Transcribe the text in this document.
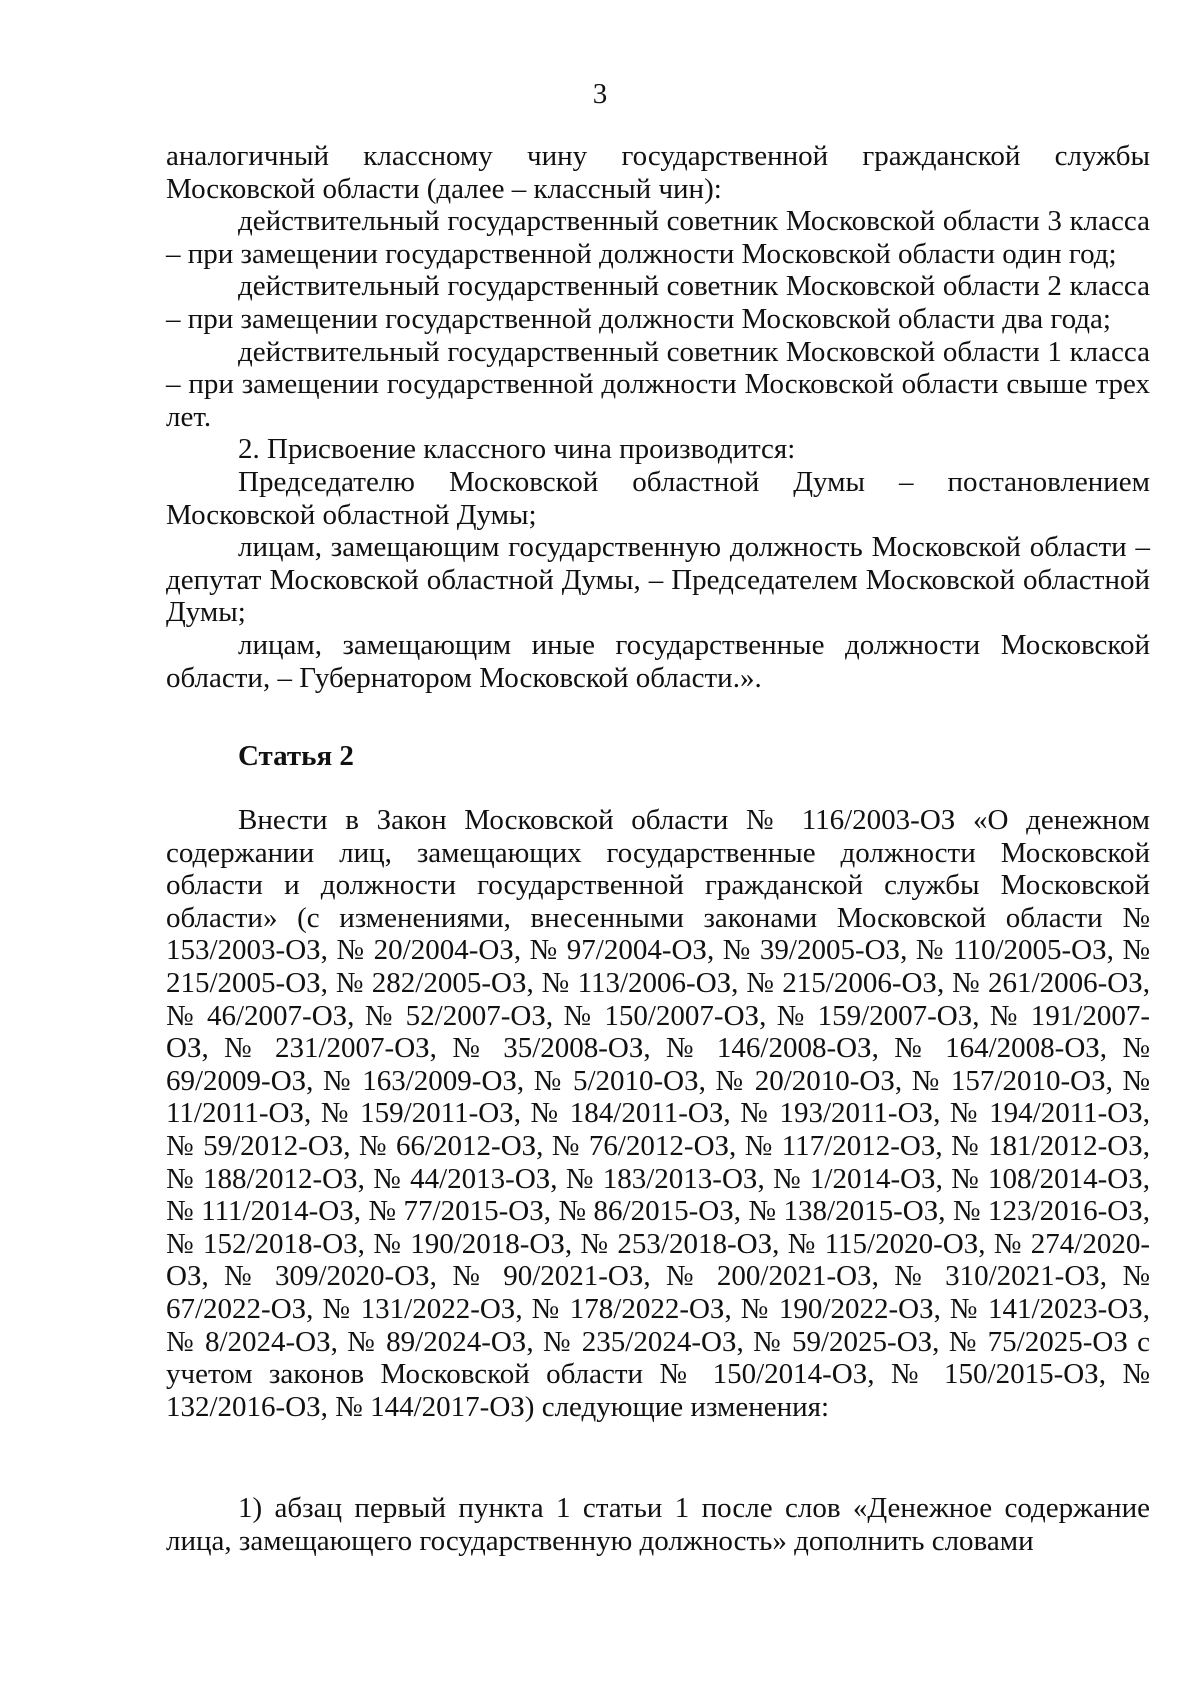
3

аналогичный классному чину государственной гражданской службы Московской области (далее – классный чин):

действительный государственный советник Московской области 3 класса – при замещении государственной должности Московской области один год;

действительный государственный советник Московской области 2 класса – при замещении государственной должности Московской области два года;

действительный государственный советник Московской области 1 класса – при замещении государственной должности Московской области свыше трех лет.

2. Присвоение классного чина производится:

Председателю Московской областной Думы – постановлением Московской областной Думы;

лицам, замещающим государственную должность Московской области – депутат Московской областной Думы, – Председателем Московской областной Думы;

лицам, замещающим иные государственные должности Московской области, – Губернатором Московской области.».

Статья 2

Внести в Закон Московской области № 116/2003-ОЗ «О денежном содержании лиц, замещающих государственные должности Московской области и должности государственной гражданской службы Московской области» (с изменениями, внесенными законами Московской области № 153/2003-ОЗ, № 20/2004-ОЗ, № 97/2004-ОЗ, № 39/2005-ОЗ, № 110/2005-ОЗ, № 215/2005-ОЗ, № 282/2005-ОЗ, № 113/2006-ОЗ, № 215/2006-ОЗ, № 261/2006-ОЗ, № 46/2007-ОЗ, № 52/2007-ОЗ, № 150/2007-ОЗ, № 159/2007-ОЗ, № 191/2007-ОЗ, № 231/2007-ОЗ, № 35/2008-ОЗ, № 146/2008-ОЗ, № 164/2008-ОЗ, № 69/2009-ОЗ, № 163/2009-ОЗ, № 5/2010-ОЗ, № 20/2010-ОЗ, № 157/2010-ОЗ, № 11/2011-ОЗ, № 159/2011-ОЗ, № 184/2011-ОЗ, № 193/2011-ОЗ, № 194/2011-ОЗ, № 59/2012-ОЗ, № 66/2012-ОЗ, № 76/2012-ОЗ, № 117/2012-ОЗ, № 181/2012-ОЗ, № 188/2012-ОЗ, № 44/2013-ОЗ, № 183/2013-ОЗ, № 1/2014-ОЗ, № 108/2014-ОЗ, № 111/2014-ОЗ, № 77/2015-ОЗ, № 86/2015-ОЗ, № 138/2015-ОЗ, № 123/2016-ОЗ, № 152/2018-ОЗ, № 190/2018-ОЗ, № 253/2018-ОЗ, № 115/2020-ОЗ, № 274/2020-ОЗ, № 309/2020-ОЗ, № 90/2021-ОЗ, № 200/2021-ОЗ, № 310/2021-ОЗ, № 67/2022-ОЗ, № 131/2022-ОЗ, № 178/2022-ОЗ, № 190/2022-ОЗ, № 141/2023-ОЗ, № 8/2024-ОЗ, № 89/2024-ОЗ, № 235/2024-ОЗ, № 59/2025-ОЗ, № 75/2025-ОЗ с учетом законов Московской области № 150/2014-ОЗ, № 150/2015-ОЗ, № 132/2016-ОЗ, № 144/2017-ОЗ) следующие изменения:

1) абзац первый пункта 1 статьи 1 после слов «Денежное содержание лица, замещающего государственную должность» дополнить словами
